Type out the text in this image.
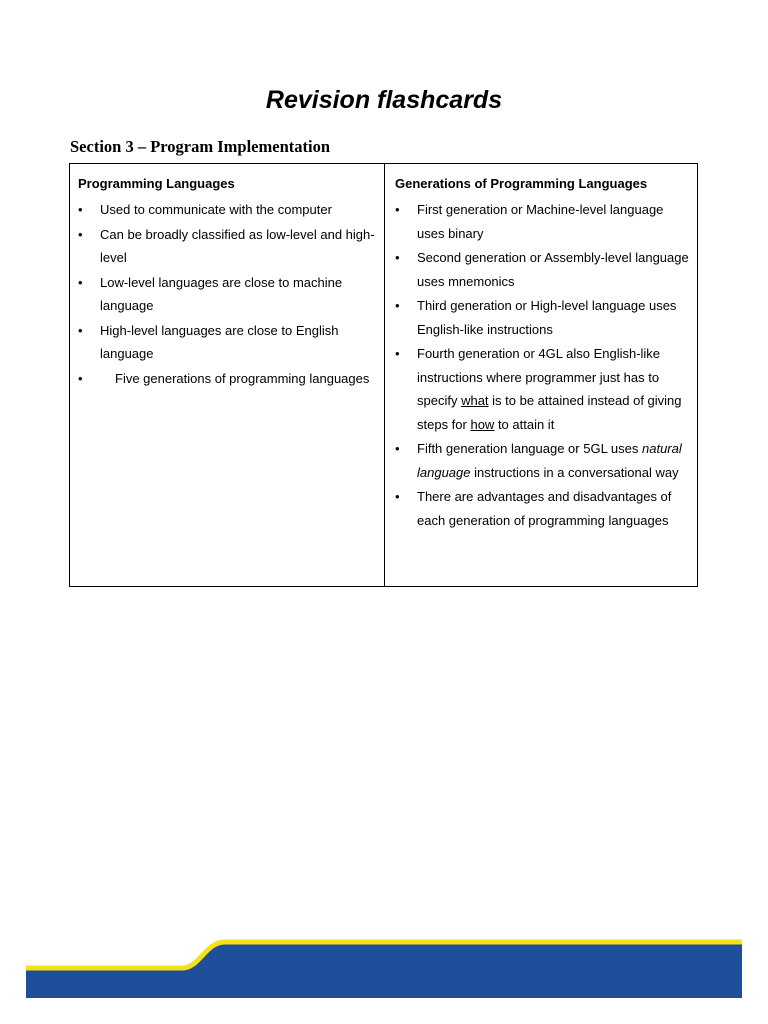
Revision flashcards
Section 3 – Program Implementation
Programming Languages
• Used to communicate with the computer
• Can be broadly classified as low-level and high-level
• Low-level languages are close to machine language
• High-level languages are close to English language
• Five generations of programming languages
Generations of Programming Languages
• First generation or Machine-level language uses binary
• Second generation or Assembly-level language uses mnemonics
• Third generation or High-level language uses English-like instructions
• Fourth generation or 4GL also English-like instructions where programmer just has to specify what is to be attained instead of giving steps for how to attain it
• Fifth generation language or 5GL uses natural language instructions in a conversational way
• There are advantages and disadvantages of each generation of programming languages
